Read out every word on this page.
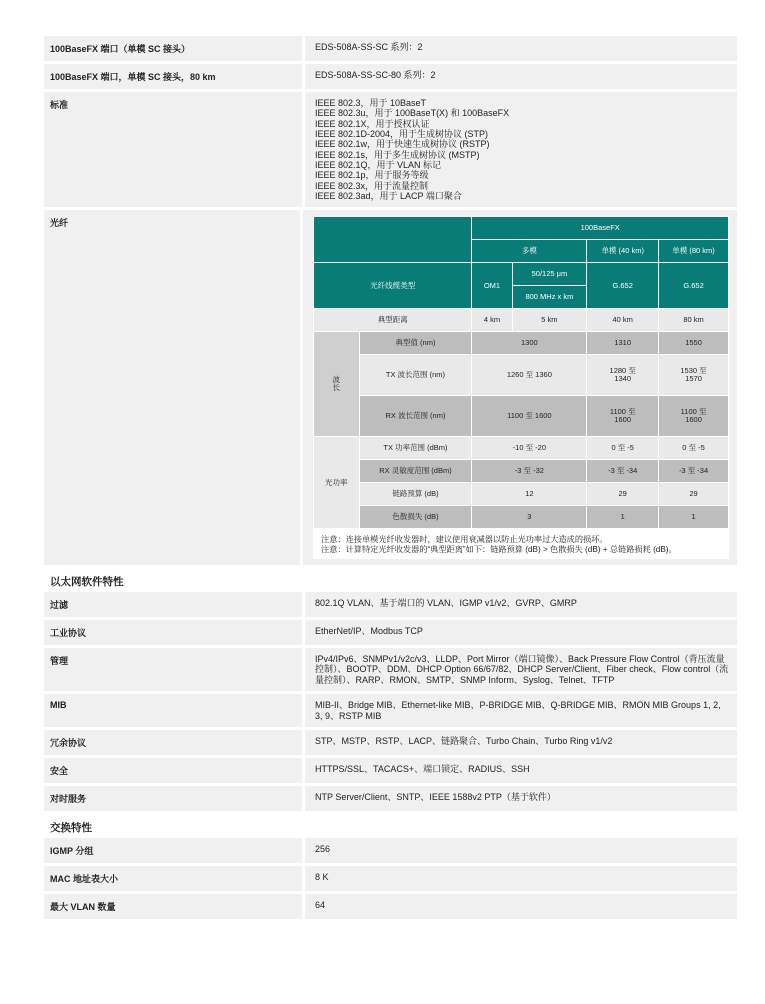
100BaseFX 端口（单模 SC 接头）	EDS-508A-SS-SC 系列：2
100BaseFX 端口，单模 SC 接头，80 km	EDS-508A-SS-SC-80 系列：2
标准	IEEE 802.3，用于 10BaseT
IEEE 802.3u，用于 100BaseT(X) 和 100BaseFX
IEEE 802.1X，用于授权认证
IEEE 802.1D-2004，用于生成树协议 (STP)
IEEE 802.1w，用于快速生成树协议 (RSTP)
IEEE 802.1s，用于多生成树协议 (MSTP)
IEEE 802.1Q，用于 VLAN 标记
IEEE 802.1p，用于服务等级
IEEE 802.3x，用于流量控制
IEEE 802.3ad，用于 LACP 端口聚合
光纤
		100BaseFX			
		多模		单模 (40 km)	单模 (80 km)
光纤线缆类型		OM1	50/125 μm	G.652	G.652
			800 MHz x km		
典型距离		4 km	5 km	40 km	80 km
波长	典型值 (nm)	1300		1310	1550
	TX 波长范围 (nm)	1260 至 1360		1280 至 1340	1530 至 1570
	RX 波长范围 (nm)	1100 至 1600		1100 至 1600	1100 至 1600
光功率	TX 功率范围 (dBm)	-10 至 -20		0 至 -5	0 至 -5
	RX 灵敏度范围 (dBm)	-3 至 -32		-3 至 -34	-3 至 -34
	链路预算 (dB)	12		29	29
	色散损失 (dB)	3		1	1
注意：连接单模光纤收发器时，建议使用衰减器以防止光功率过大造成的损坏。
注意：计算特定光纤收发器的“典型距离”如下：链路预算 (dB) > 色散损失 (dB) + 总链路损耗 (dB)。
以太网软件特性
过滤	802.1Q VLAN、基于端口的 VLAN、IGMP v1/v2、GVRP、GMRP
工业协议	EtherNet/IP、Modbus TCP
管理	IPv4/IPv6、SNMPv1/v2c/v3、LLDP、Port Mirror（端口镜像）、Back Pressure Flow Control（背压流量控制）、BOOTP、DDM、DHCP Option 66/67/82、DHCP Server/Client、Fiber check、Flow control（流量控制）、RARP、RMON、SMTP、SNMP Inform、Syslog、Telnet、TFTP
MIB	MIB-II、Bridge MIB、Ethernet-like MIB、P-BRIDGE MIB、Q-BRIDGE MIB、RMON MIB Groups 1, 2, 3, 9、RSTP MIB
冗余协议	STP、MSTP、RSTP、LACP、链路聚合、Turbo Chain、Turbo Ring v1/v2
安全	HTTPS/SSL、TACACS+、端口锁定、RADIUS、SSH
对时服务	NTP Server/Client、SNTP、IEEE 1588v2 PTP（基于软件）
交换特性
IGMP 分组	256
MAC 地址表大小	8 K
最大 VLAN 数量	64
